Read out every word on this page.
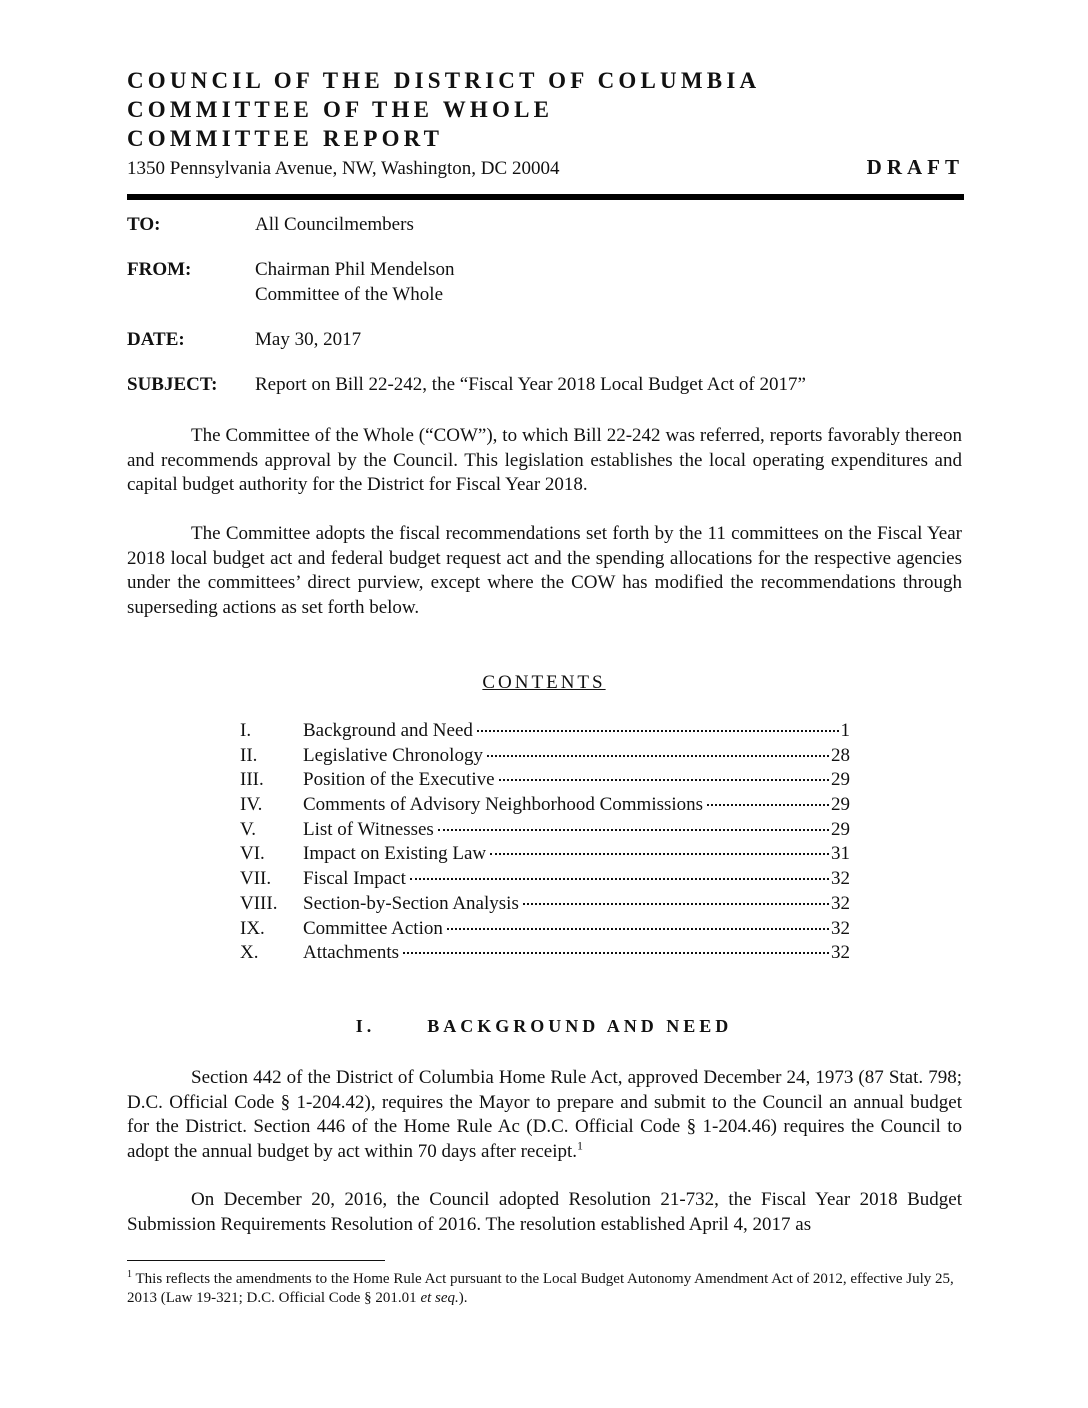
COUNCIL OF THE DISTRICT OF COLUMBIA
COMMITTEE OF THE WHOLE
COMMITTEE REPORT
1350 Pennsylvania Avenue, NW, Washington, DC 20004	DRAFT
TO:	All Councilmembers
FROM:	Chairman Phil Mendelson
Committee of the Whole
DATE:	May 30, 2017
SUBJECT:	Report on Bill 22-242, the “Fiscal Year 2018 Local Budget Act of 2017”

The Committee of the Whole (“COW”), to which Bill 22-242 was referred, reports favorably thereon and recommends approval by the Council. This legislation establishes the local operating expenditures and capital budget authority for the District for Fiscal Year 2018.

The Committee adopts the fiscal recommendations set forth by the 11 committees on the Fiscal Year 2018 local budget act and federal budget request act and the spending allocations for the respective agencies under the committees’ direct purview, except where the COW has modified the recommendations through superseding actions as set forth below.

CONTENTS
I.	Background and Need	1
II.	Legislative Chronology	28
III.	Position of the Executive	29
IV.	Comments of Advisory Neighborhood Commissions	29
V.	List of Witnesses	29
VI.	Impact on Existing Law	31
VII.	Fiscal Impact	32
VIII.	Section-by-Section Analysis	32
IX.	Committee Action	32
X.	Attachments	32
I.	BACKGROUND AND NEED

Section 442 of the District of Columbia Home Rule Act, approved December 24, 1973 (87 Stat. 798; D.C. Official Code § 1-204.42), requires the Mayor to prepare and submit to the Council an annual budget for the District. Section 446 of the Home Rule Ac (D.C. Official Code § 1-204.46) requires the Council to adopt the annual budget by act within 70 days after receipt.$^1$

On December 20, 2016, the Council adopted Resolution 21-732, the Fiscal Year 2018 Budget Submission Requirements Resolution of 2016. The resolution established April 4, 2017 as

$^1$ This reflects the amendments to the Home Rule Act pursuant to the Local Budget Autonomy Amendment Act of 2012, effective July 25, 2013 (Law 19-321; D.C. Official Code § 201.01 et seq.).
